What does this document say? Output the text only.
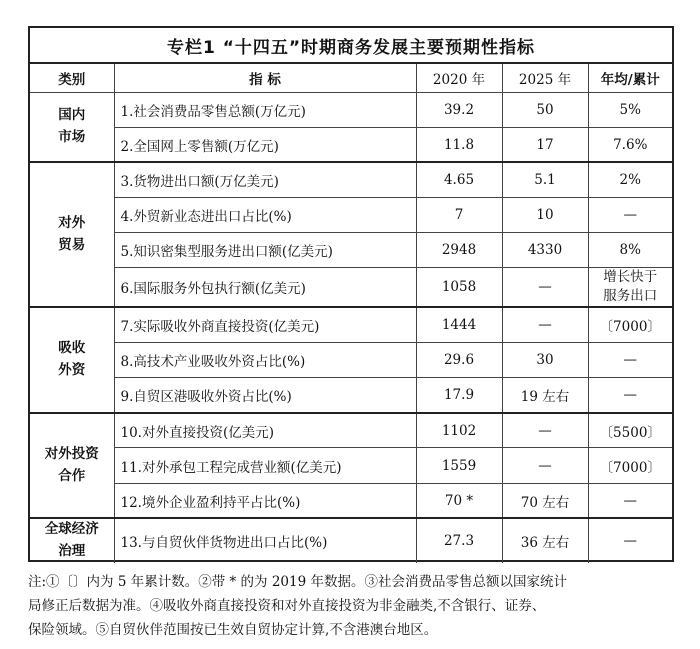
专栏1 “十四五”时期商务发展主要预期性指标
类别	指 标	2020 年	2025 年	年均/累计

国内
市场	1.社会消费品零售总额(万亿元)	39.2	50	5%
	2.全国网上零售额(万亿元)	11.8	17	7.6%

对外
贸易	3.货物进出口额(万亿美元)	4.65	5.1	2%
	4.外贸新业态进出口占比(%)	7	10	—
	5.知识密集型服务进出口额(亿美元)	2948	4330	8%
	6.国际服务外包执行额(亿美元)	1058	—	增长快于
服务出口

吸收
外资	7.实际吸收外商直接投资(亿美元)	1444	—	〔7000〕
	8.高技术产业吸收外资占比(%)	29.6	30	—
	9.自贸区港吸收外资占比(%)	17.9	19 左右	—

对外投资
合作	10.对外直接投资(亿美元)	1102	—	〔5500〕
	11.对外承包工程完成营业额(亿美元)	1559	—	〔7000〕
	12.境外企业盈利持平占比(%)	70 *	70 左右	—

全球经济
治理	13.与自贸伙伴货物进出口占比(%)	27.3	36 左右	—
注:①〔〕内为 5 年累计数。②带 * 的为 2019 年数据。③社会消费品零售总额以国家统计
局修正后数据为准。④吸收外商直接投资和对外直接投资为非金融类,不含银行、证券、
保险领域。⑤自贸伙伴范围按已生效自贸协定计算,不含港澳台地区。
